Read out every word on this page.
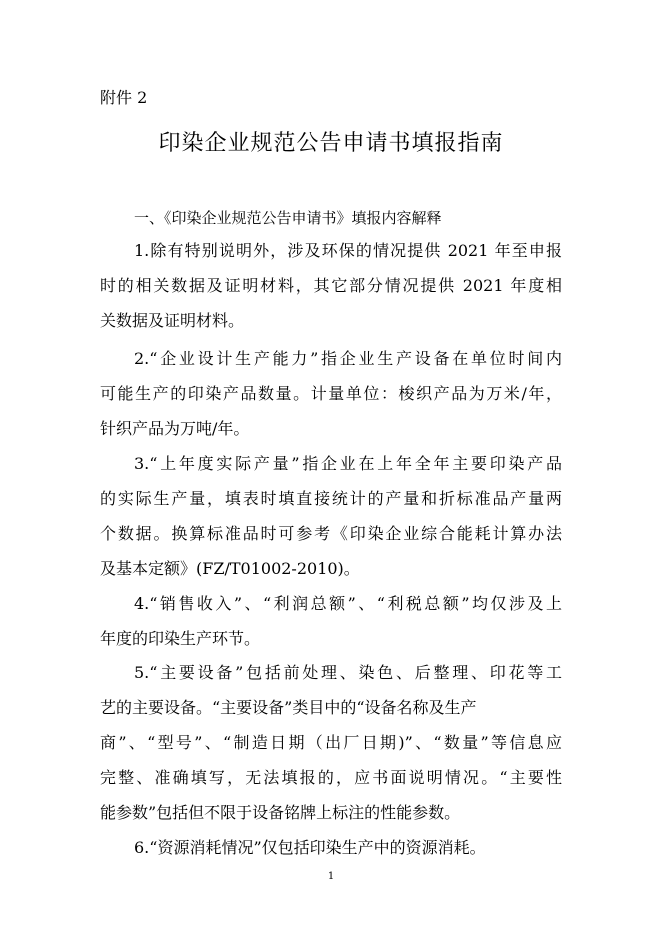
附件 2
印染企业规范公告申请书填报指南
一、《印染企业规范公告申请书》填报内容解释
1.除有特别说明外，涉及环保的情况提供 2021 年至申报
时的相关数据及证明材料，其它部分情况提供 2021 年度相
关数据及证明材料。
2.“企业设计生产能力”指企业生产设备在单位时间内
可能生产的印染产品数量。计量单位：梭织产品为万米/年，
针织产品为万吨/年。
3.“上年度实际产量”指企业在上年全年主要印染产品
的实际生产量，填表时填直接统计的产量和折标准品产量两
个数据。换算标准品时可参考《印染企业综合能耗计算办法
及基本定额》(FZ/T01002-2010)。
4.“销售收入”、“利润总额”、“利税总额”均仅涉及上
年度的印染生产环节。
5.“主要设备”包括前处理、染色、后整理、印花等工
艺的主要设备。“主要设备”类目中的“设备名称及生产
商”、“型号”、“制造日期（出厂日期)”、“数量”等信息应
完整、准确填写，无法填报的，应书面说明情况。“主要性
能参数”包括但不限于设备铭牌上标注的性能参数。
6.“资源消耗情况”仅包括印染生产中的资源消耗。
1
